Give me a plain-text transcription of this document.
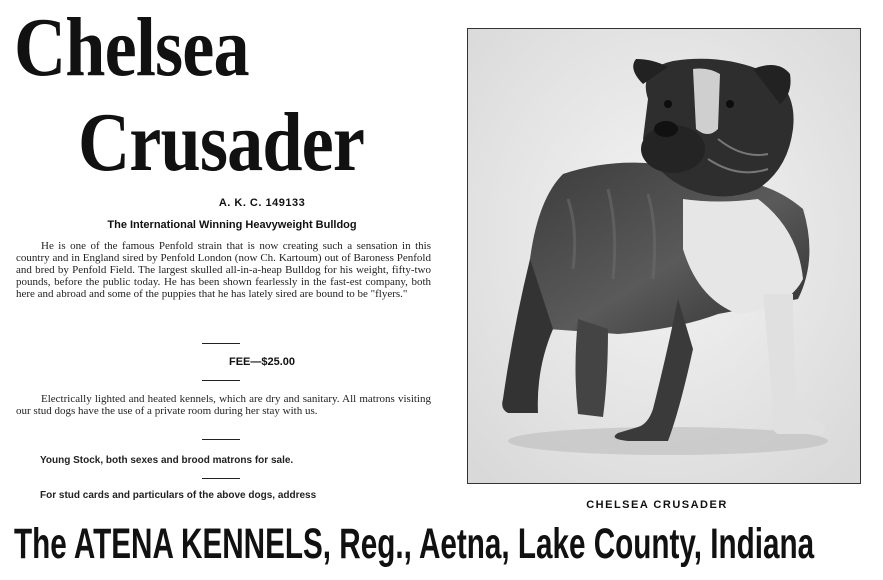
Chelsea
Crusader
A. K. C. 149133
The International Winning Heavyweight Bulldog

He is one of the famous Penfold strain that is now creating such a sensation in this country and in England sired by Penfold London (now Ch. Kartoum) out of Baroness Penfold and bred by Penfold Field. The largest skulled all-in-a-heap Bulldog for his weight, fifty-two pounds, before the public today. He has been shown fearlessly in the fast-est company, both here and abroad and some of the puppies that he has lately sired are bound to be "flyers."

FEE—$25.00

Electrically lighted and heated kennels, which are dry and sanitary. All matrons visiting our stud dogs have the use of a private room during her stay with us.

Young Stock, both sexes and brood matrons for sale.
For stud cards and particulars of the above dogs, address
CHELSEA CRUSADER
The ATENA KENNELS, Reg., Aetna, Lake County, Indiana
